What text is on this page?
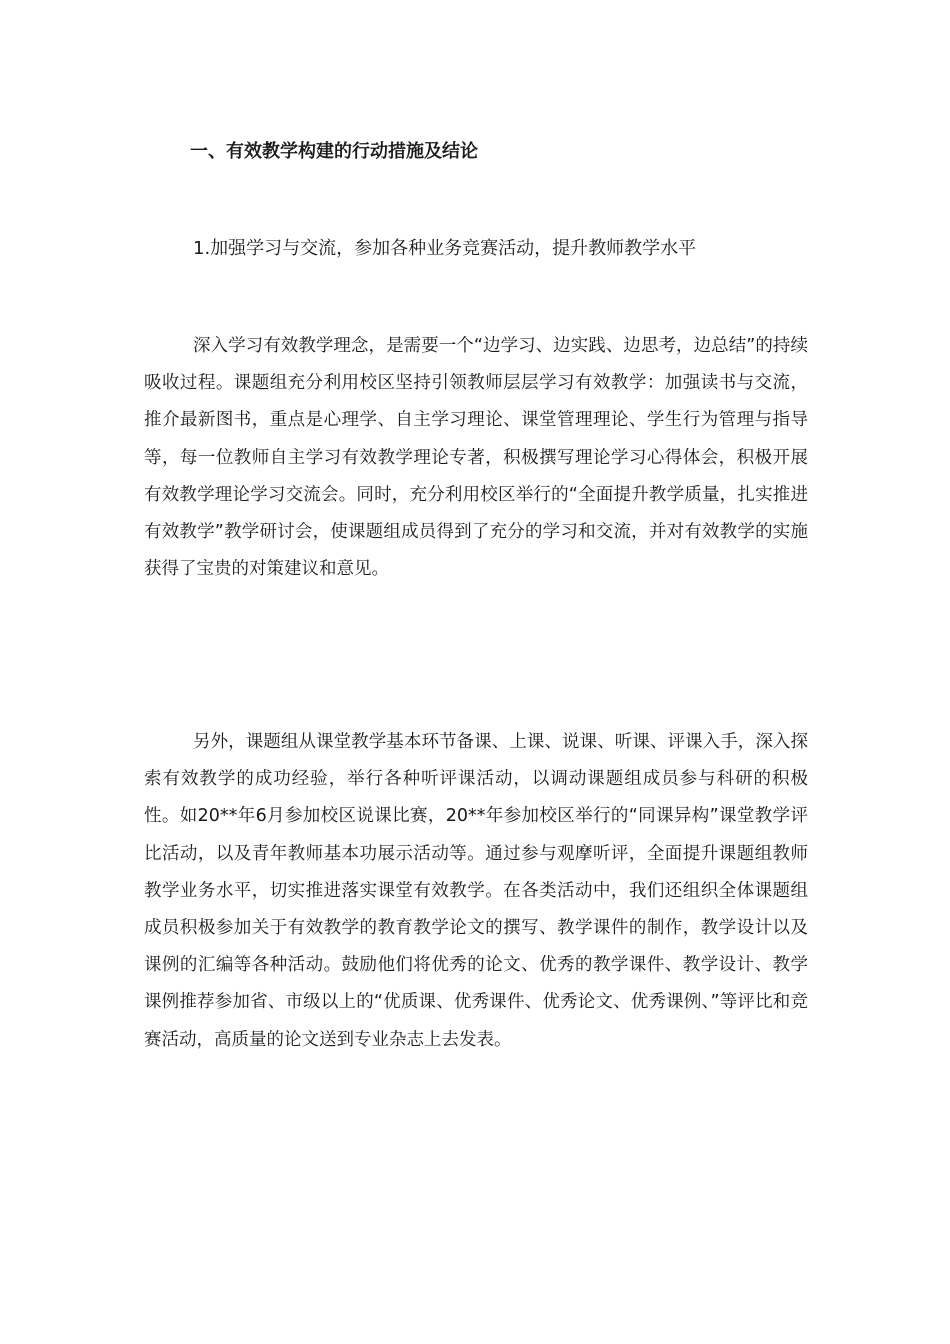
一、有效教学构建的行动措施及结论
1.加强学习与交流，参加各种业务竞赛活动，提升教师教学水平

深入学习有效教学理念，是需要一个“边学习、边实践、边思考，边总结”的持续吸收过程。课题组充分利用校区坚持引领教师层层学习有效教学：加强读书与交流，推介最新图书，重点是心理学、自主学习理论、课堂管理理论、学生行为管理与指导等，每一位教师自主学习有效教学理论专著，积极撰写理论学习心得体会，积极开展有效教学理论学习交流会。同时，充分利用校区举行的“全面提升教学质量，扎实推进有效教学”教学研讨会，使课题组成员得到了充分的学习和交流，并对有效教学的实施获得了宝贵的对策建议和意见。

另外，课题组从课堂教学基本环节备课、上课、说课、听课、评课入手，深入探索有效教学的成功经验，举行各种听评课活动，以调动课题组成员参与科研的积极性。如20**年6月参加校区说课比赛，20**年参加校区举行的“同课异构”课堂教学评比活动，以及青年教师基本功展示活动等。通过参与观摩听评，全面提升课题组教师教学业务水平，切实推进落实课堂有效教学。在各类活动中，我们还组织全体课题组成员积极参加关于有效教学的教育教学论文的撰写、教学课件的制作，教学设计以及课例的汇编等各种活动。鼓励他们将优秀的论文、优秀的教学课件、教学设计、教学课例推荐参加省、市级以上的“优质课、优秀课件、优秀论文、优秀课例、”等评比和竞赛活动，高质量的论文送到专业杂志上去发表。
